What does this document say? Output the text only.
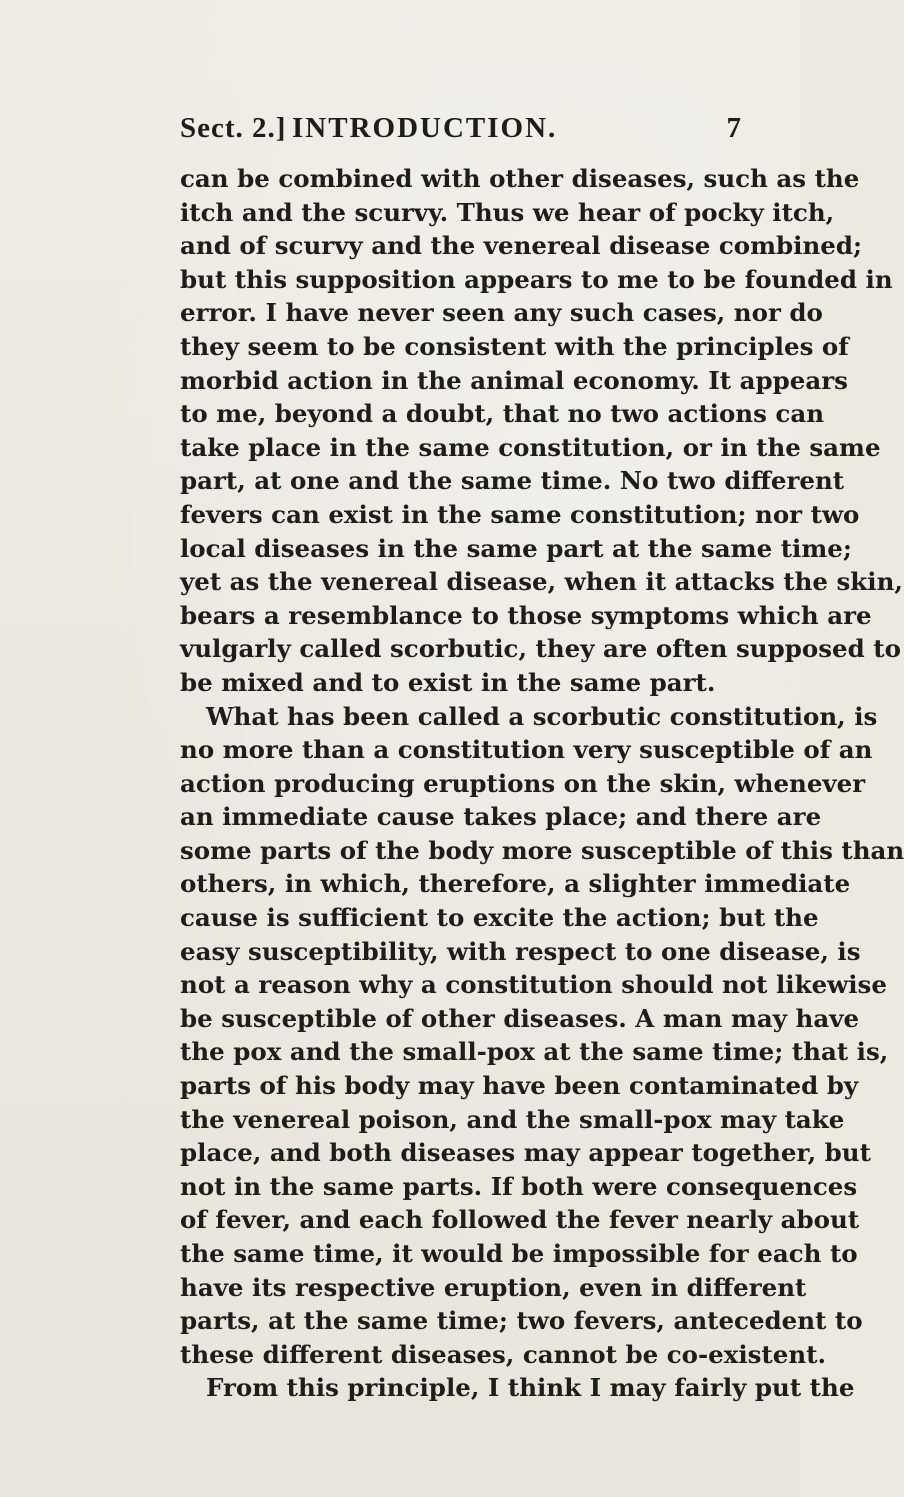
Sect. 2.] INTRODUCTION.	7
can be combined with other diseases, such as the
itch and the scurvy. Thus we hear of pocky itch,
and of scurvy and the venereal disease combined;
but this supposition appears to me to be founded in
error. I have never seen any such cases, nor do
they seem to be consistent with the principles of
morbid action in the animal economy. It appears
to me, beyond a doubt, that no two actions can
take place in the same constitution, or in the same
part, at one and the same time. No two different
fevers can exist in the same constitution; nor two
local diseases in the same part at the same time;
yet as the venereal disease, when it attacks the skin,
bears a resemblance to those symptoms which are
vulgarly called scorbutic, they are often supposed to
be mixed and to exist in the same part.
What has been called a scorbutic constitution, is
no more than a constitution very susceptible of an
action producing eruptions on the skin, whenever
an immediate cause takes place; and there are
some parts of the body more susceptible of this than
others, in which, therefore, a slighter immediate
cause is sufficient to excite the action; but the
easy susceptibility, with respect to one disease, is
not a reason why a constitution should not likewise
be susceptible of other diseases. A man may have
the pox and the small-pox at the same time; that is,
parts of his body may have been contaminated by
the venereal poison, and the small-pox may take
place, and both diseases may appear together, but
not in the same parts. If both were consequences
of fever, and each followed the fever nearly about
the same time, it would be impossible for each to
have its respective eruption, even in different
parts, at the same time; two fevers, antecedent to
these different diseases, cannot be co-existent.
From this principle, I think I may fairly put the
